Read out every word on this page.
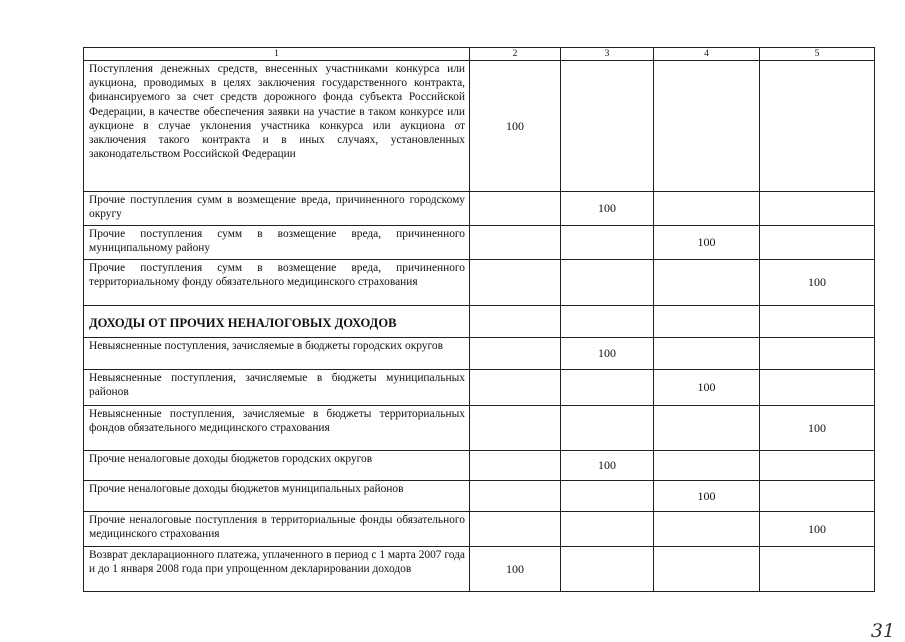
1	2	3	4	5
Поступления денежных средств, внесенных участниками конкурса или аукциона, проводимых в целях заключения государственного контракта, финансируемого за счет средств дорожного фонда субъекта Российской Федерации, в качестве обеспечения заявки на участие в таком конкурсе или аукционе в случае уклонения участника конкурса или аукциона от заключения такого контракта и в иных случаях, установленных законодательством Российской Федерации	100			
Прочие поступления сумм в возмещение вреда, причиненного городскому округу		100		
Прочие поступления сумм в возмещение вреда, причиненного муниципальному району			100	
Прочие поступления сумм в возмещение вреда, причиненного территориальному фонду обязательного медицинского страхования				100
ДОХОДЫ ОТ ПРОЧИХ НЕНАЛОГОВЫХ ДОХОДОВ				
Невыясненные поступления, зачисляемые в бюджеты городских округов		100		
Невыясненные поступления, зачисляемые в бюджеты муниципальных районов			100	
Невыясненные поступления, зачисляемые в бюджеты территориальных фондов обязательного медицинского страхования				100
Прочие неналоговые доходы бюджетов городских округов		100		
Прочие неналоговые доходы бюджетов муниципальных районов			100	
Прочие неналоговые поступления в территориальные фонды обязательного медицинского страхования				100
Возврат декларационного платежа, уплаченного в период с 1 марта 2007 года и до 1 января 2008 года при упрощенном декларировании доходов	100			
31
